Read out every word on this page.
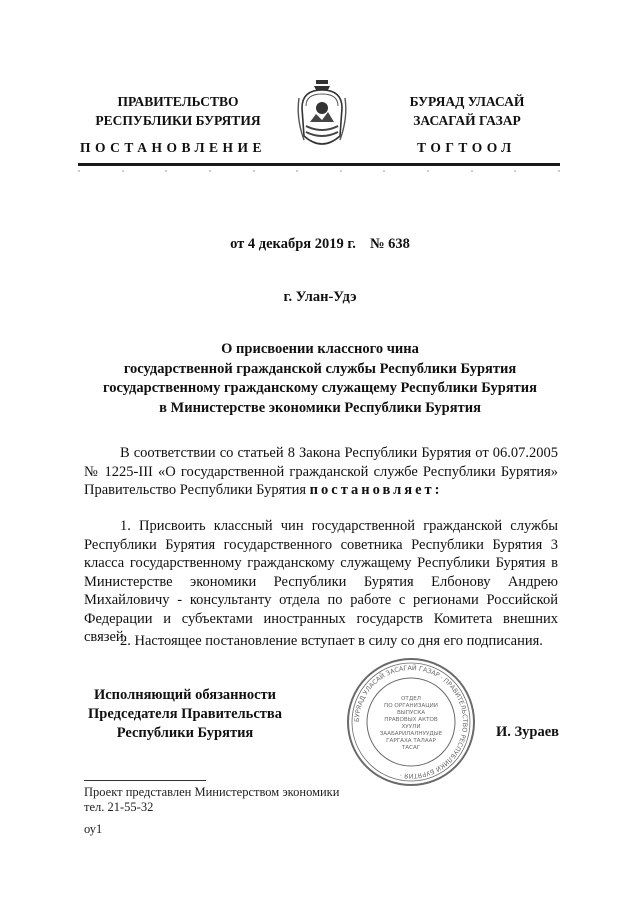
ПРАВИТЕЛЬСТВО
РЕСПУБЛИКИ БУРЯТИЯ
БУРЯАД УЛАСАЙ
ЗАСАГАЙ ГАЗАР
ПОСТАНОВЛЕНИЕ	ТОГТООЛ
от 4 декабря 2019 г. № 638
г. Улан-Удэ
О присвоении классного чина
государственной гражданской службы Республики Бурятия
государственному гражданскому служащему Республики Бурятия
в Министерстве экономики Республики Бурятия
В соответствии со статьей 8 Закона Республики Бурятия от 06.07.2005 № 1225-III «О государственной гражданской службе Республики Бурятия» Правительство Республики Бурятия постановляет:
1. Присвоить классный чин государственной гражданской службы Республики Бурятия государственного советника Республики Бурятия 3 класса государственному гражданскому служащему Республики Бурятия в Министерстве экономики Республики Бурятия Елбонову Андрею Михайловичу - консультанту отдела по работе с регионами Российской Федерации и субъектами иностранных государств Комитета внешних связей.
2. Настоящее постановление вступает в силу со дня его подписания.
Исполняющий обязанности
Председателя Правительства
Республики Бурятия	И. Зураев
БУРЯАД УЛАСАЙ ЗАСАГАЙ ГАЗАР · ПРАВИТЕЛЬСТВО РЕСПУБЛИКИ БУРЯТИЯ ·
ОТДЕЛ
ПО ОРГАНИЗАЦИИ
ВЫПУСКА
ПРАВОВЫХ АКТОВ
ХУУЛИ
ЗААБАРИЛАЛНУУДЫЕ
ГАРГАХА ТАЛААР
ТАСАГ
Проект представлен Министерством экономики
тел. 21-55-32
оу1
